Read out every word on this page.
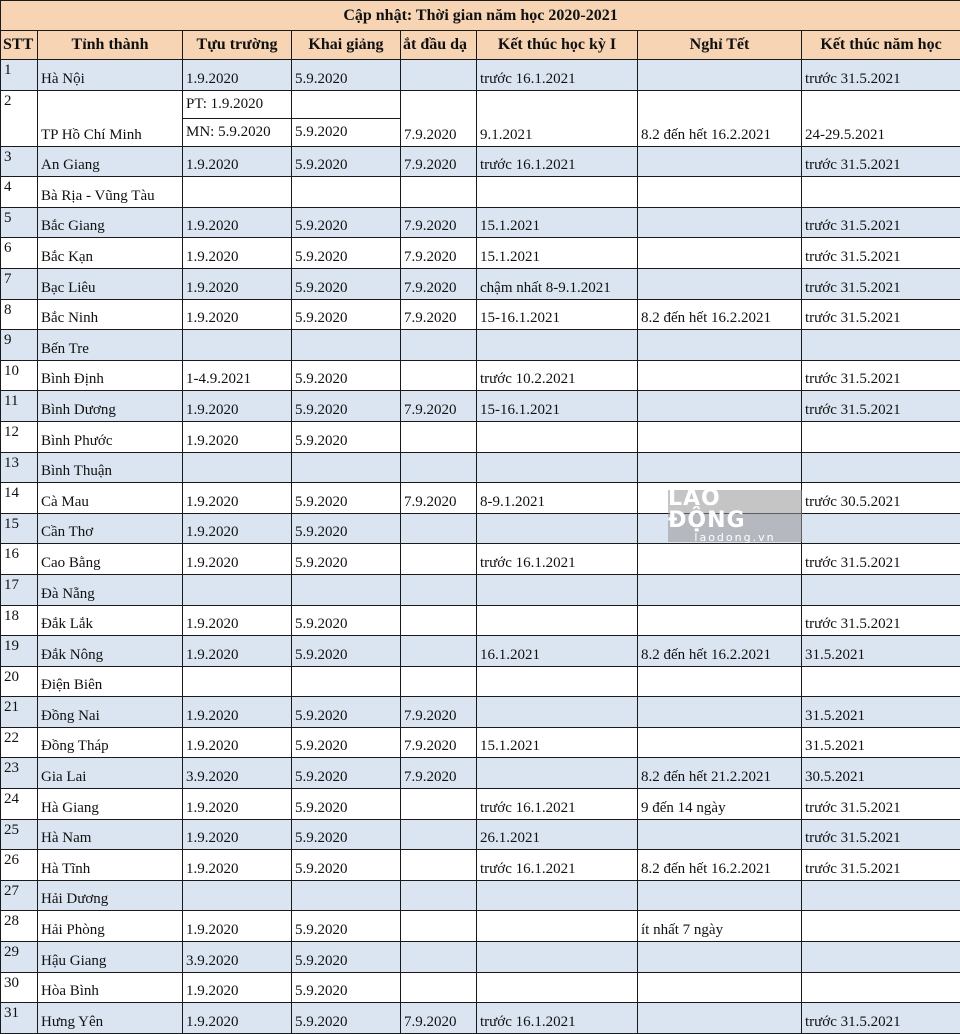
Cập nhật: Thời gian năm học 2020-2021							
STT	Tỉnh thành	Tựu trường	Khai giảng	ắt đầu dạ	Kết thúc học kỳ I	Nghỉ Tết	Kết thúc năm học
1	Hà Nội	1.9.2020	5.9.2020		trước 16.1.2021		trước 31.5.2021
2	TP Hồ Chí Minh	PT: 1.9.2020
MN: 5.9.2020	5.9.2020	7.9.2020	9.1.2021	8.2 đến hết 16.2.2021	24-29.5.2021
3	An Giang	1.9.2020	5.9.2020	7.9.2020	trước 16.1.2021		trước 31.5.2021
4	Bà Rịa - Vũng Tàu						
5	Bắc Giang	1.9.2020	5.9.2020	7.9.2020	15.1.2021		trước 31.5.2021
6	Bắc Kạn	1.9.2020	5.9.2020	7.9.2020	15.1.2021		trước 31.5.2021
7	Bạc Liêu	1.9.2020	5.9.2020	7.9.2020	chậm nhất 8-9.1.2021		trước 31.5.2021
8	Bắc Ninh	1.9.2020	5.9.2020	7.9.2020	15-16.1.2021	8.2 đến hết 16.2.2021	trước 31.5.2021
9	Bến Tre						
10	Bình Định	1-4.9.2021	5.9.2020		trước 10.2.2021		trước 31.5.2021
11	Bình Dương	1.9.2020	5.9.2020	7.9.2020	15-16.1.2021		trước 31.5.2021
12	Bình Phước	1.9.2020	5.9.2020				
13	Bình Thuận						
14	Cà Mau	1.9.2020	5.9.2020	7.9.2020	8-9.1.2021		trước 30.5.2021
15	Cần Thơ	1.9.2020	5.9.2020				
16	Cao Bằng	1.9.2020	5.9.2020		trước 16.1.2021		trước 31.5.2021
17	Đà Nẵng						
18	Đắk Lắk	1.9.2020	5.9.2020				trước 31.5.2021
19	Đắk Nông	1.9.2020	5.9.2020		16.1.2021	8.2 đến hết 16.2.2021	31.5.2021
20	Điện Biên						
21	Đồng Nai	1.9.2020	5.9.2020	7.9.2020			31.5.2021
22	Đồng Tháp	1.9.2020	5.9.2020	7.9.2020	15.1.2021		31.5.2021
23	Gia Lai	3.9.2020	5.9.2020	7.9.2020		8.2 đến hết 21.2.2021	30.5.2021
24	Hà Giang	1.9.2020	5.9.2020		trước 16.1.2021	9 đến 14 ngày	trước 31.5.2021
25	Hà Nam	1.9.2020	5.9.2020		26.1.2021		trước 31.5.2021
26	Hà Tĩnh	1.9.2020	5.9.2020		trước 16.1.2021	8.2 đến hết 16.2.2021	trước 31.5.2021
27	Hải Dương						
28	Hải Phòng	1.9.2020	5.9.2020			ít nhất 7 ngày	
29	Hậu Giang	3.9.2020	5.9.2020				
30	Hòa Bình	1.9.2020	5.9.2020				
31	Hưng Yên	1.9.2020	5.9.2020	7.9.2020	trước 16.1.2021		trước 31.5.2021
LAO ĐỘNG
laodong.vn
